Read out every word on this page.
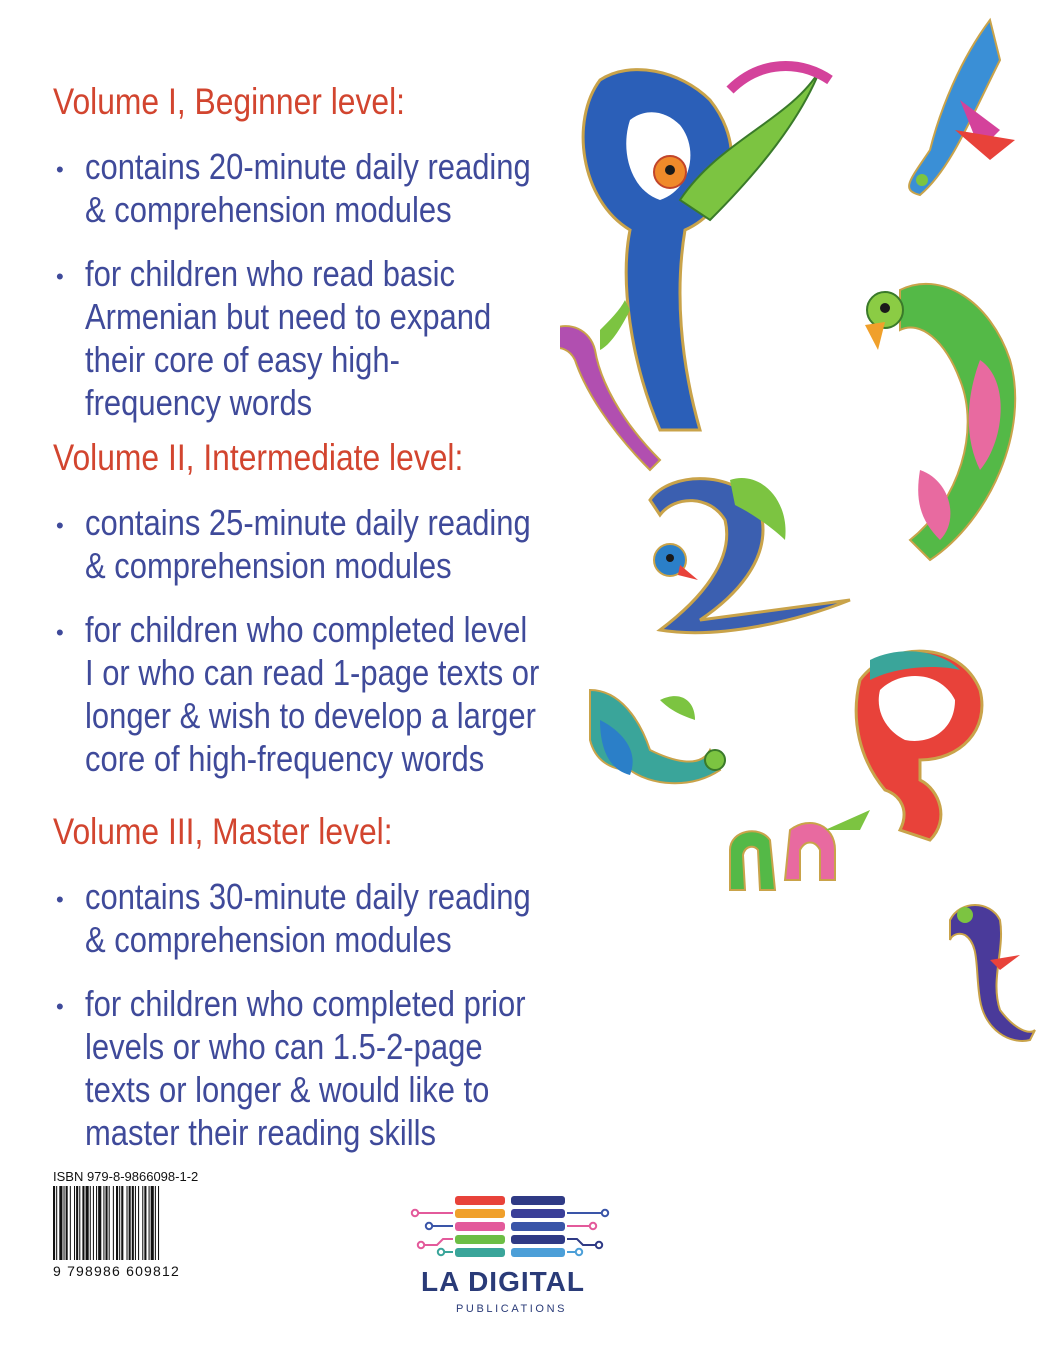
Volume I, Beginner level:
• contains 20-minute daily reading
& comprehension modules
• for children who read basic
Armenian but need to expand
their core of easy high-
frequency words
Volume II, Intermediate level:
• contains 25-minute daily reading
& comprehension modules
• for children who completed level
I or who can read 1-page texts or
longer & wish to develop a larger
core of high-frequency words
Volume III, Master level:
• contains 30-minute daily reading
& comprehension modules
• for children who completed prior
levels or who can 1.5-2-page
texts or longer & would like to
master their reading skills
ISBN 979-8-9866098-1-2
9 798986 609812	LA DIGITAL
PUBLICATIONS
